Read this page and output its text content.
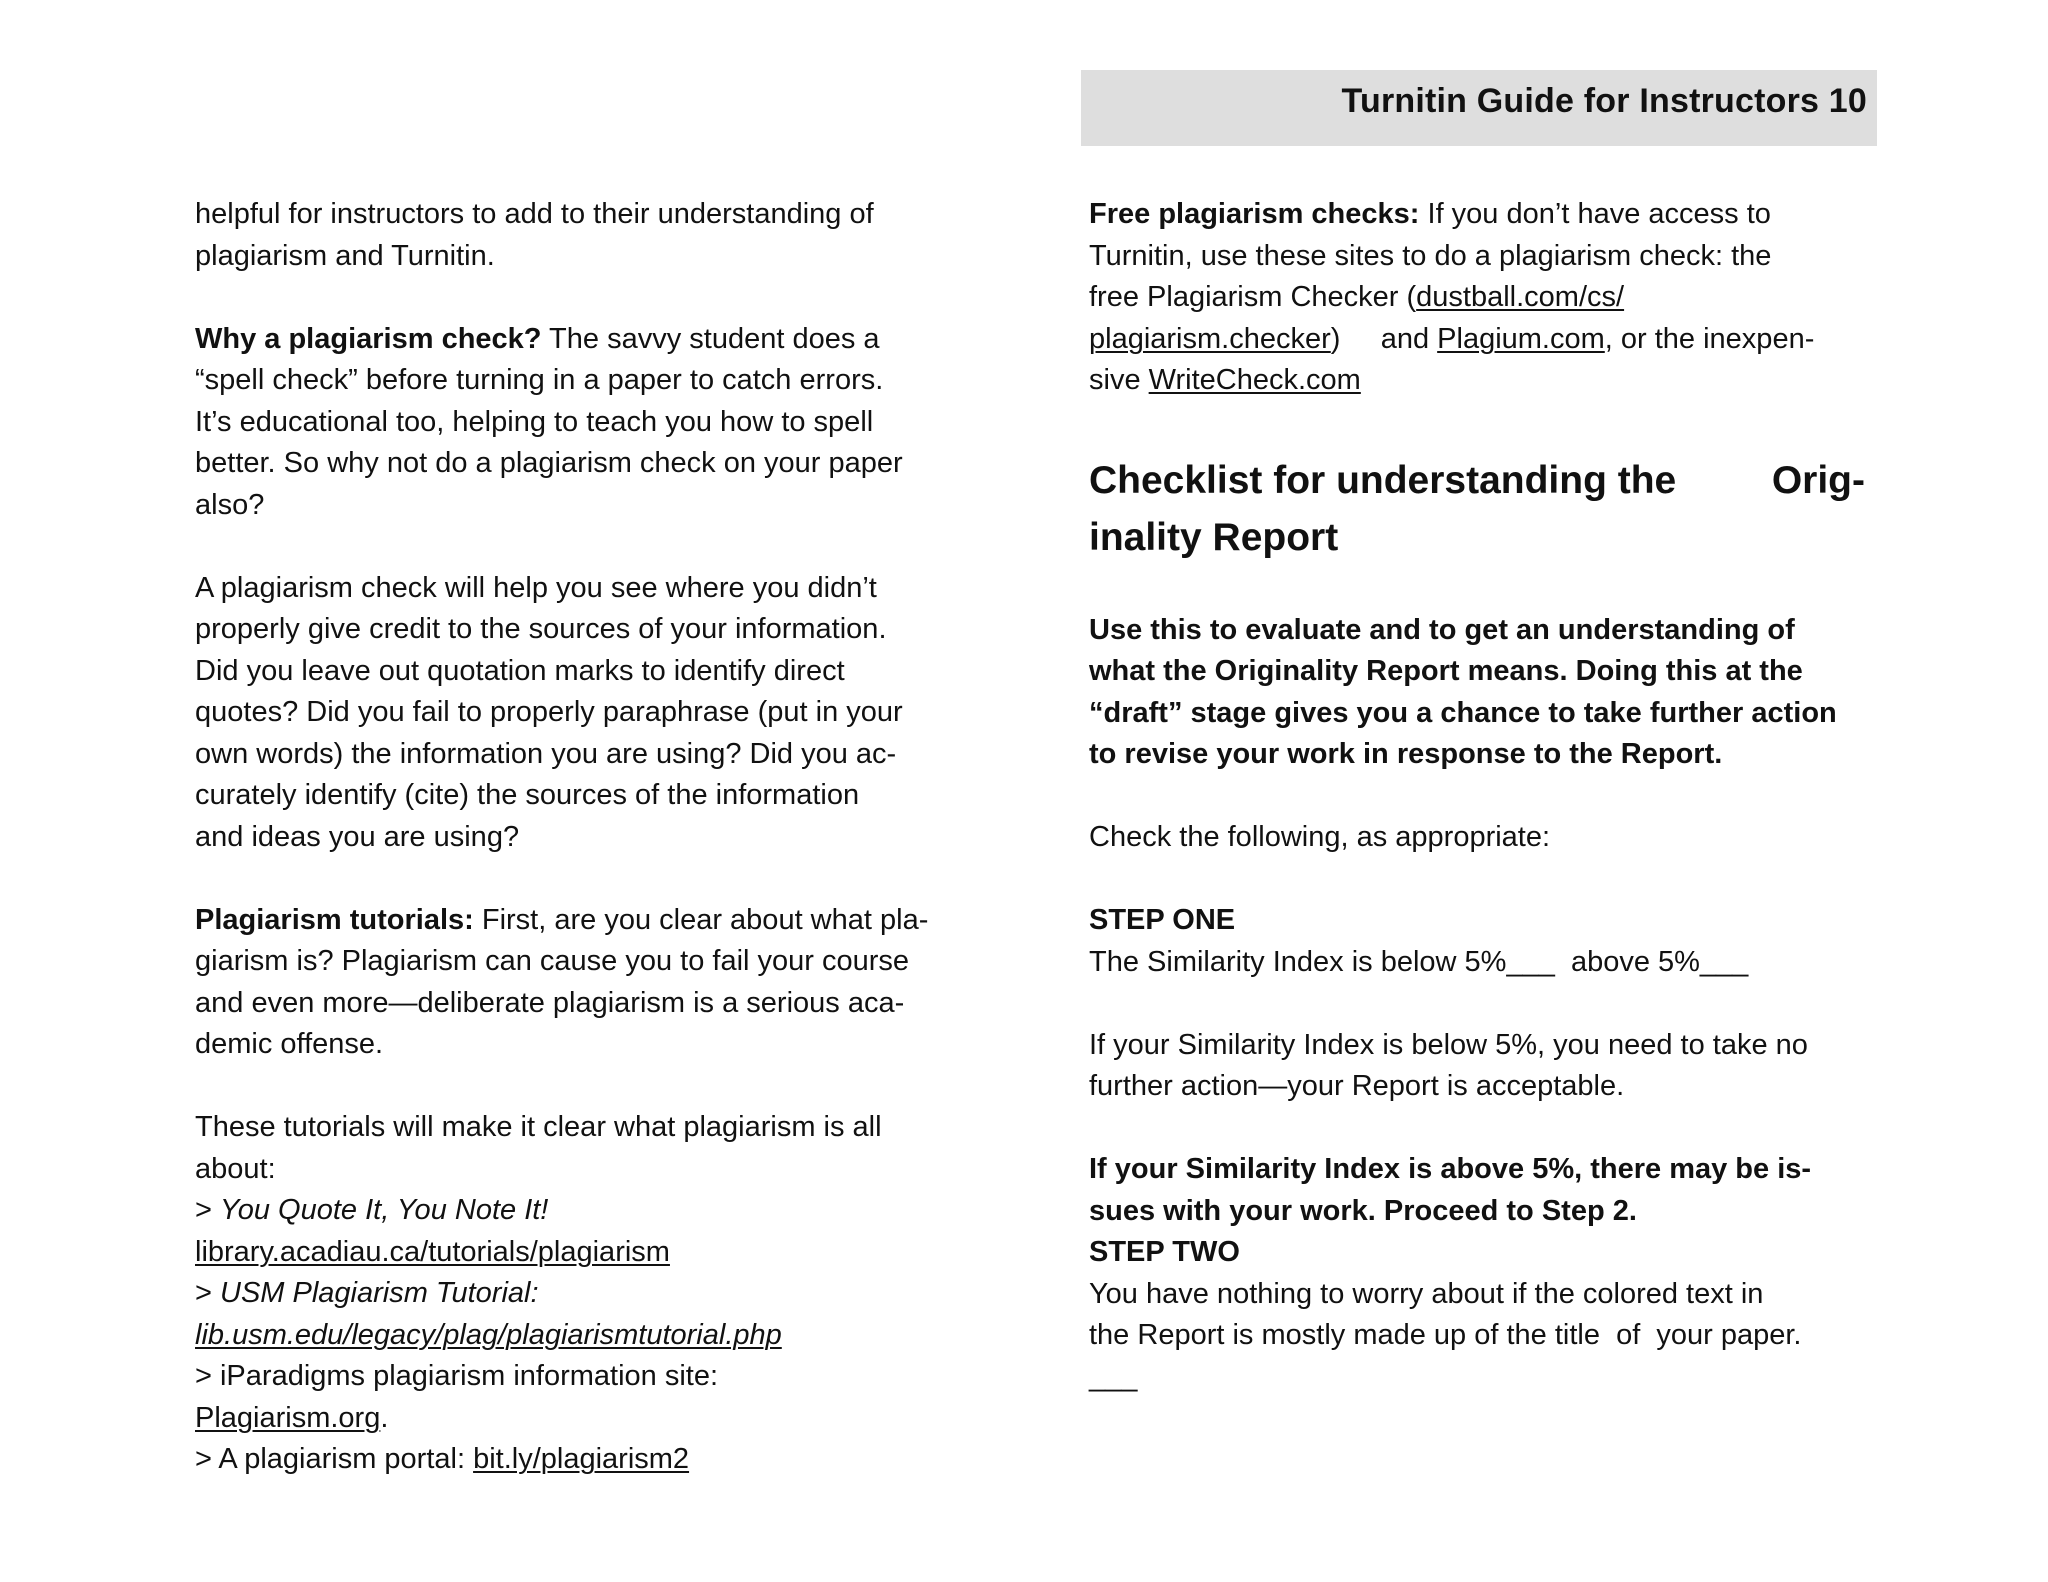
Turnitin Guide for Instructors 10
helpful for instructors to add to their understanding of
plagiarism and Turnitin.
Why a plagiarism check? The savvy student does a
“spell check” before turning in a paper to catch errors.
It’s educational too, helping to teach you how to spell
better. So why not do a plagiarism check on your paper
also?
A plagiarism check will help you see where you didn’t
properly give credit to the sources of your information.
Did you leave out quotation marks to identify direct
quotes? Did you fail to properly paraphrase (put in your
own words) the information you are using? Did you ac-
curately identify (cite) the sources of the information
and ideas you are using?
Plagiarism tutorials: First, are you clear about what pla-
giarism is? Plagiarism can cause you to fail your course
and even more—deliberate plagiarism is a serious aca-
demic offense.
These tutorials will make it clear what plagiarism is all
about:
> You Quote It, You Note It!
library.acadiau.ca/tutorials/plagiarism
> USM Plagiarism Tutorial:
lib.usm.edu/legacy/plag/plagiarismtutorial.php
> iParadigms plagiarism information site:
Plagiarism.org.
> A plagiarism portal: bit.ly/plagiarism2
Free plagiarism checks: If you don’t have access to
Turnitin, use these sites to do a plagiarism check: the
free Plagiarism Checker (dustball.com/cs/
plagiarism.checker)     and Plagium.com, or the inexpen-
sive WriteCheck.com
Checklist for understanding the Orig-
inality Report
Use this to evaluate and to get an understanding of
what the Originality Report means. Doing this at the
“draft” stage gives you a chance to take further action
to revise your work in response to the Report.
Check the following, as appropriate:
STEP ONE
The Similarity Index is below 5%___  above 5%___
If your Similarity Index is below 5%, you need to take no
further action—your Report is acceptable.
If your Similarity Index is above 5%, there may be is-
sues with your work. Proceed to Step 2.
STEP TWO
You have nothing to worry about if the colored text in
the Report is mostly made up of the title  of  your paper.
___
